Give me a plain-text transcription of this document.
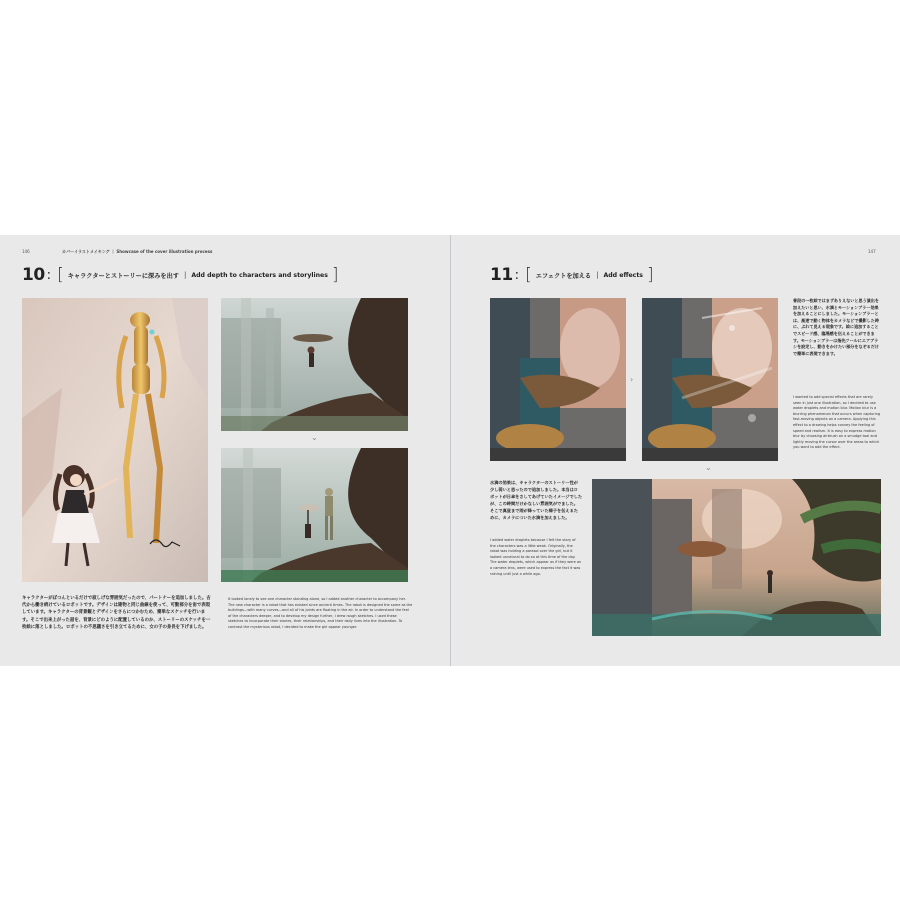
146	カバーイラストメイキング ｜ Showcase of the cover illustration process
10 : [ キャラクターとストーリーに深みを出す | Add depth to characters and storylines ]
⌄
キャラクターがぽつんといるだけで寂しげな雰囲気だったので、パートナーを追加しました。古代から働き続けているロボットです。デザインは建物と同じ曲線を使って、可動部分を宙で表現しています。キャラクターの背景観とデザインをさらにつかむため、簡単なスケッチを行います。そこで出来上がった話を、背景にどのように配置しているのか、ストーリーのスケッチを一枚絵に落としました。ロボットの不思議さを引き立てるために、女の子の身長を下げました。
It looked lonely to see one character standing alone, so I added another character to accompany her. The new character is a robot that has existed since ancient times. The robot is designed the same as the buildings—with many curves—and all of his joints are floating in the air. In order to understand the feel of the characters deeper, and to develop my design further, I drew rough sketches. I used these sketches to incorporate their stories, their relationships, and their daily lives into the illustration. To contrast the mysterious robot, I decided to make the girl appear younger.
147
11 : [ エフェクトを加える | Add effects ]
›
普段の一枚絵ではまずありえないと思う演出を加えたいと思い、水滴とモーションブラー効果を加えることにしました。モーションブラーとは、高速で動く物体をカメラなどで撮影した時に、ぶれて見える現象です。絵に追加することでスピード感、臨場感を伝えることができます。モーションブラーは指先ツールにエアブラシを設定し、動きをかけたい部分をなぞるだけで簡単に表現できます。
I wanted to add special effects that are rarely seen in just one illustration, so I decided to use water droplets and motion blur. Motion blur is a blurring phenomenon that occurs when capturing fast-moving objects on a camera. Applying this effect to a drawing helps convey the feeling of speed and realism. It is easy to express motion blur by choosing airbrush on a smudge tool and lightly moving the cursor over the areas to which you want to add the effect.
⌄
水滴の効果は、キャラクターのストーリー性が少し弱いと思ったので追加しました。本当はロボットが日傘をさしてあげていたイメージでしたが、この時間だけかなしい雰囲気がでました。そこで真昼まで雨が降っていた様子を伝えるために、カメラについた水滴を加えました。
I added water droplets because I felt the story of the characters was a little weak. Originally, the robot was holding a parasol over the girl, but it looked unnatural to do so at this time of the day. The water droplets, which appear as if they were on a camera lens, were used to express the fact it was raining until just a while ago.
